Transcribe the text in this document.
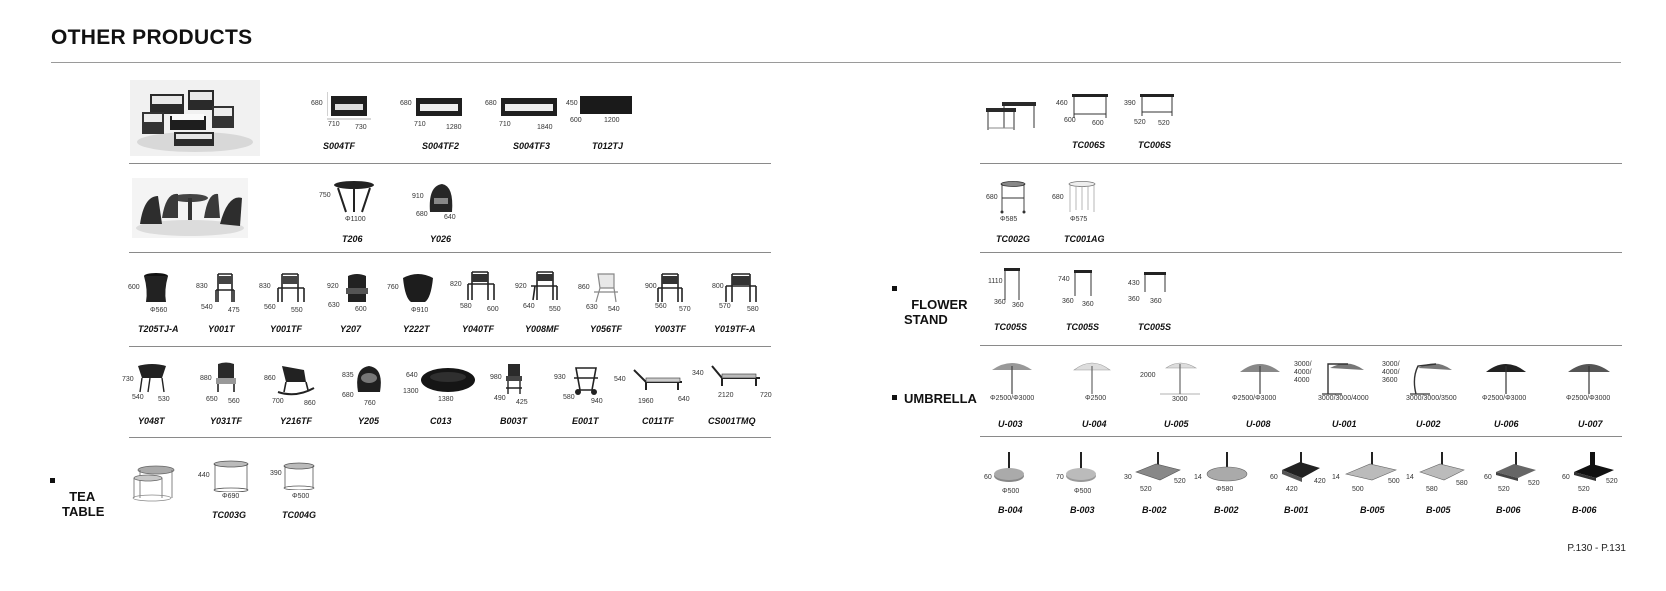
OTHER PRODUCTS

TEA
TABLE

FLOWER
STAND

UMBRELLA
680
710 730
S004TF
680
710	1280
S004TF2
680
710	1840
S004TF3
450
600	1200
T012TJ
750
Φ1100
T206
910
680 640
Y026
600
Φ560
T205TJ-A
830
540 475
Y001T
830
560 550
Y001TF
920
630
600
Y207
760
Φ910
Y222T
820
580 600
Y040TF
920
640 550
Y008MF
860
630 540
Y056TF
900
560 570
Y003TF
800
570 580
Y019TF-A
730
540 530
Y048T
880
650 560
Y031TF
860
700	860
Y216TF
835
680
760
Y205
640
1300
1380
C013
980
490
425
B003T
930
580
940
E001T
540
1960	640
C011TF
340
2120	720
CS001TMQ
440
Φ690
TC003G
390
Φ500
TC004G
460
600 600
TC006S
390
520 520
TC006S
680
Φ585
TC002G
680
Φ575
TC001AG
1110
360 360
TC005S
740
360 360
TC005S
430
360 360
TC005S
Φ2500/Φ3000
U-003
Φ2500
U-004
2000
3000
U-005
Φ2500/Φ3000
U-008
3000/
4000/
4000
3000/3000/4000
U-001
3000/
4000/
3600
3000/3000/3500
U-002
Φ2500/Φ3000
U-006
Φ2500/Φ3000
U-007
60
Φ500
B-004
70
Φ500
B-003
30
520
520
B-002
14
Φ580
B-002
60
420
420
B-001
14
500
500
B-005
14
580
580
B-005
60
520
520
B-006
60
520
520
B-006
P.130 - P.131
